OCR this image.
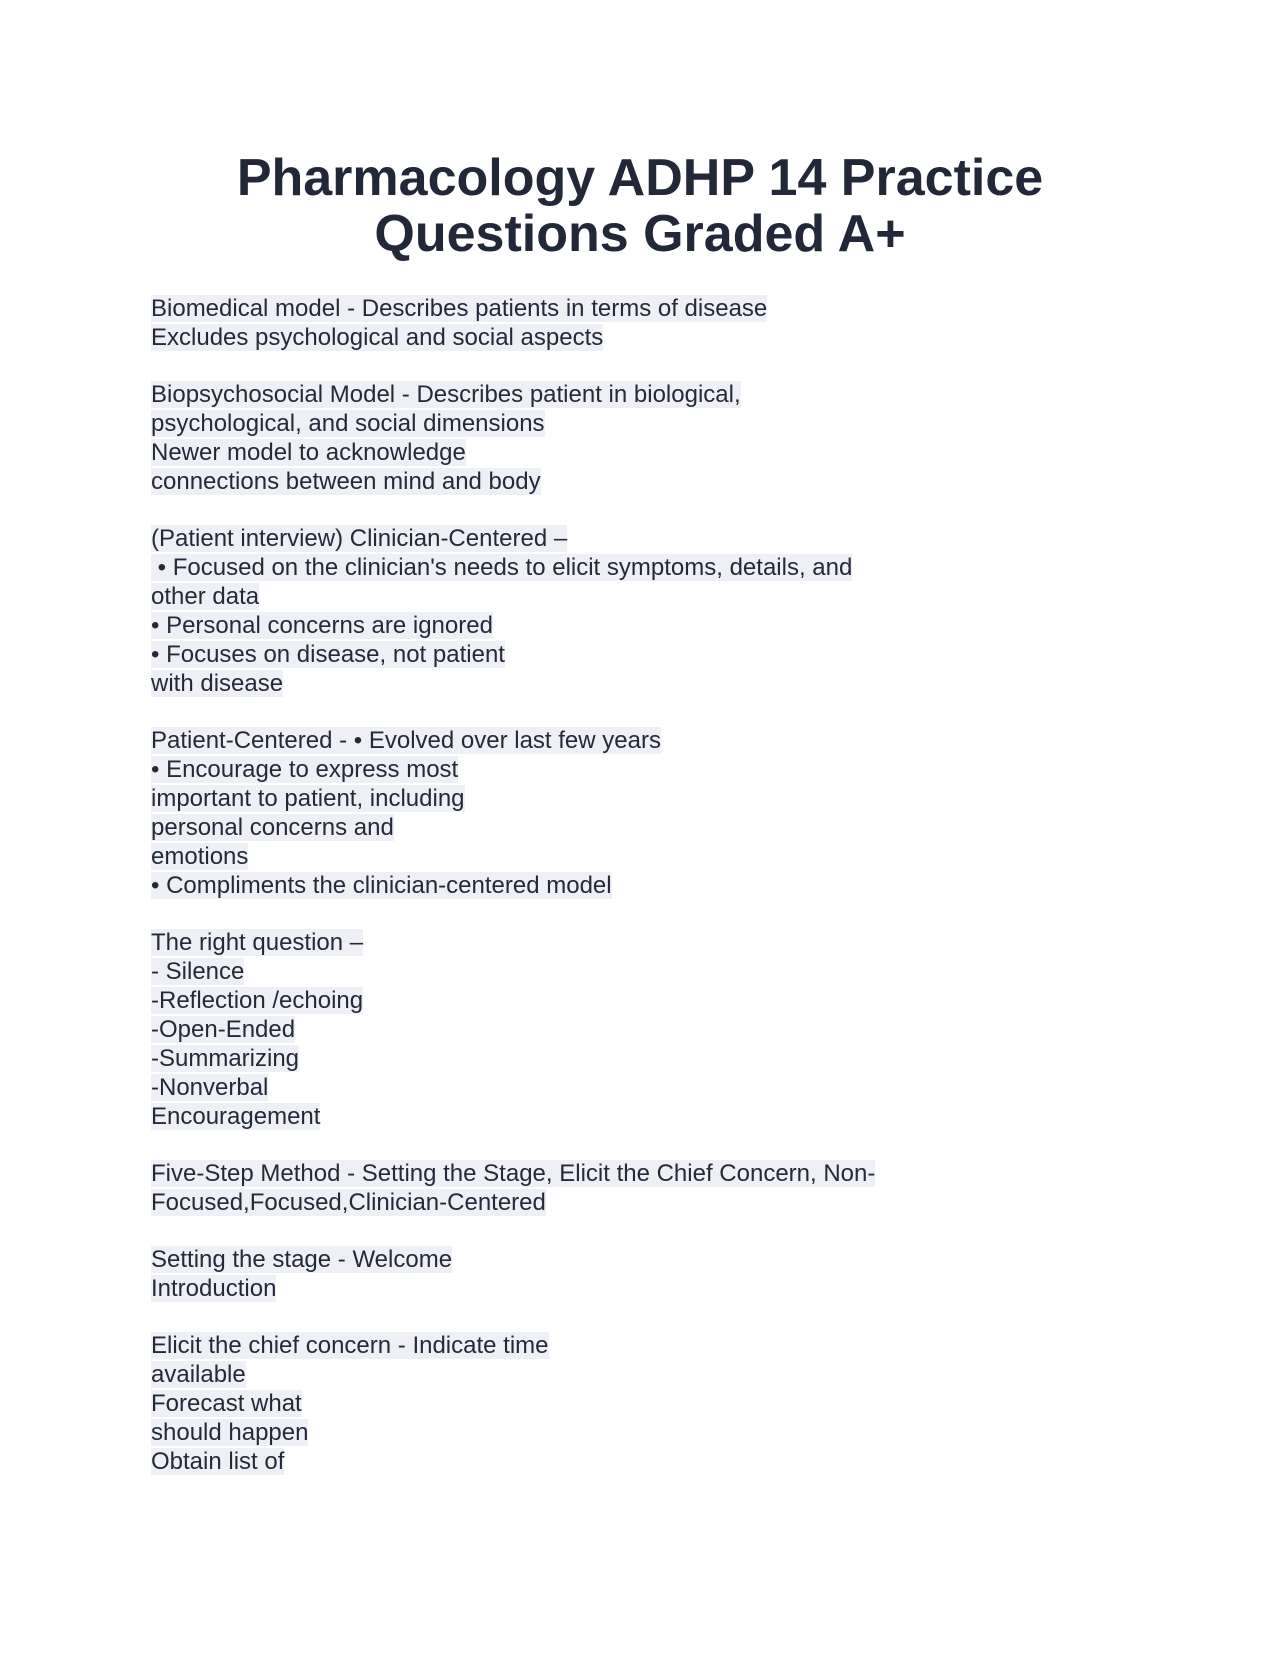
Pharmacology ADHP 14 Practice
Questions Graded A+
Biomedical model - Describes patients in terms of disease
Excludes psychological and social aspects
Biopsychosocial Model - Describes patient in biological,
psychological, and social dimensions
Newer model to acknowledge
connections between mind and body
(Patient interview) Clinician-Centered –
• Focused on the clinician's needs to elicit symptoms, details, and
other data
• Personal concerns are ignored
• Focuses on disease, not patient
with disease
Patient-Centered - • Evolved over last few years
• Encourage to express most
important to patient, including
personal concerns and
emotions
• Compliments the clinician-centered model
The right question –
- Silence
-Reflection /echoing
-Open-Ended
-Summarizing
-Nonverbal
Encouragement
Five-Step Method - Setting the Stage, Elicit the Chief Concern, Non-
Focused,Focused,Clinician-Centered
Setting the stage - Welcome
Introduction
Elicit the chief concern - Indicate time
available
Forecast what
should happen
Obtain list of
